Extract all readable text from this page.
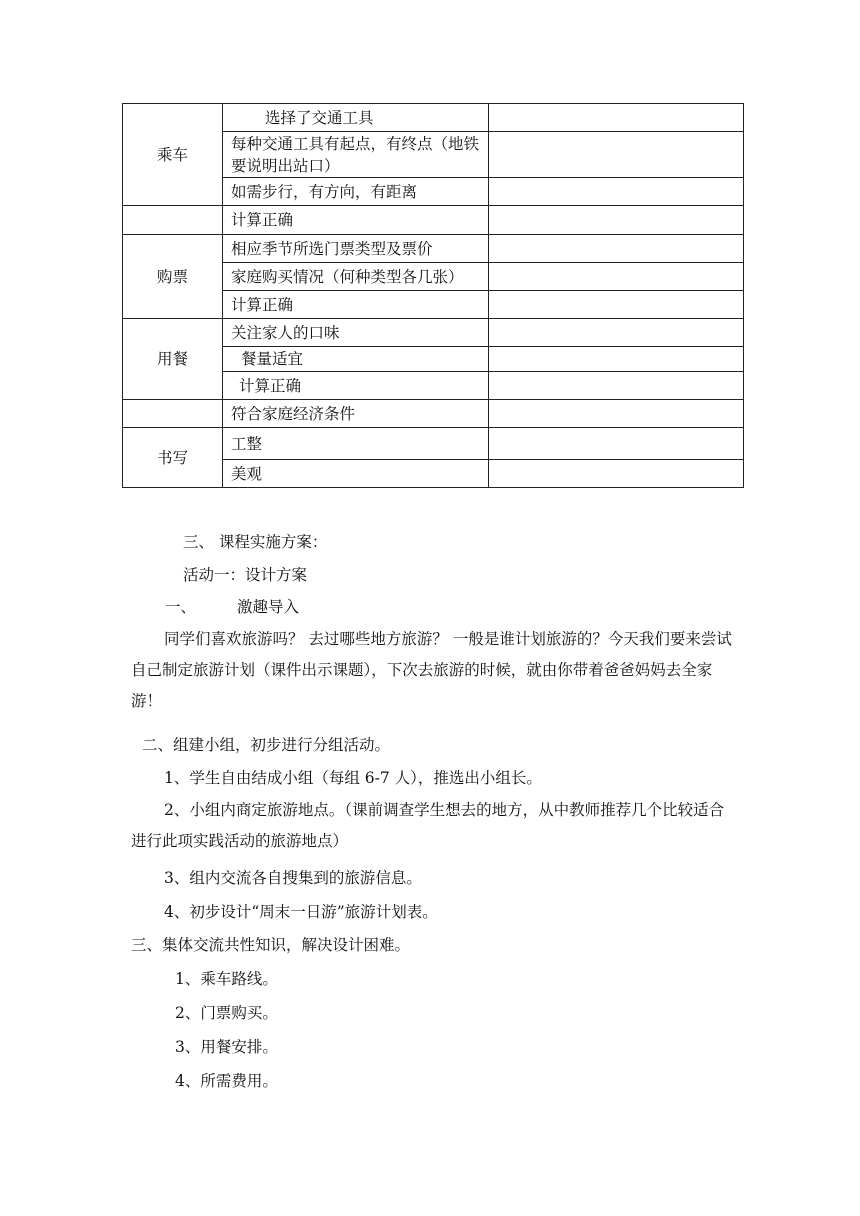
乘车	选择了交通工具	
	每种交通工具有起点，有终点（地铁要说明出站口）	
	如需步行，有方向，有距离	
	计算正确	
购票	相应季节所选门票类型及票价	
	家庭购买情况（何种类型各几张）	
	计算正确	
用餐	关注家人的口味	
	餐量适宜	
	计算正确	
	符合家庭经济条件	
书写	工整	
	美观	
三、 课程实施方案：
活动一：设计方案
一、	激趣导入
同学们喜欢旅游吗？ 去过哪些地方旅游？ 一般是谁计划旅游的？今天我们要来尝试自己制定旅游计划（课件出示课题），下次去旅游的时候，就由你带着爸爸妈妈去全家游！
二、组建小组，初步进行分组活动。
1、学生自由结成小组（每组 6-7 人），推选出小组长。
2、小组内商定旅游地点。（课前调查学生想去的地方，从中教师推荐几个比较适合进行此项实践活动的旅游地点）
3、组内交流各自搜集到的旅游信息。
4、初步设计“周末一日游”旅游计划表。
三、集体交流共性知识，解决设计困难。
1、乘车路线。
2、门票购买。
3、用餐安排。
4、所需费用。
